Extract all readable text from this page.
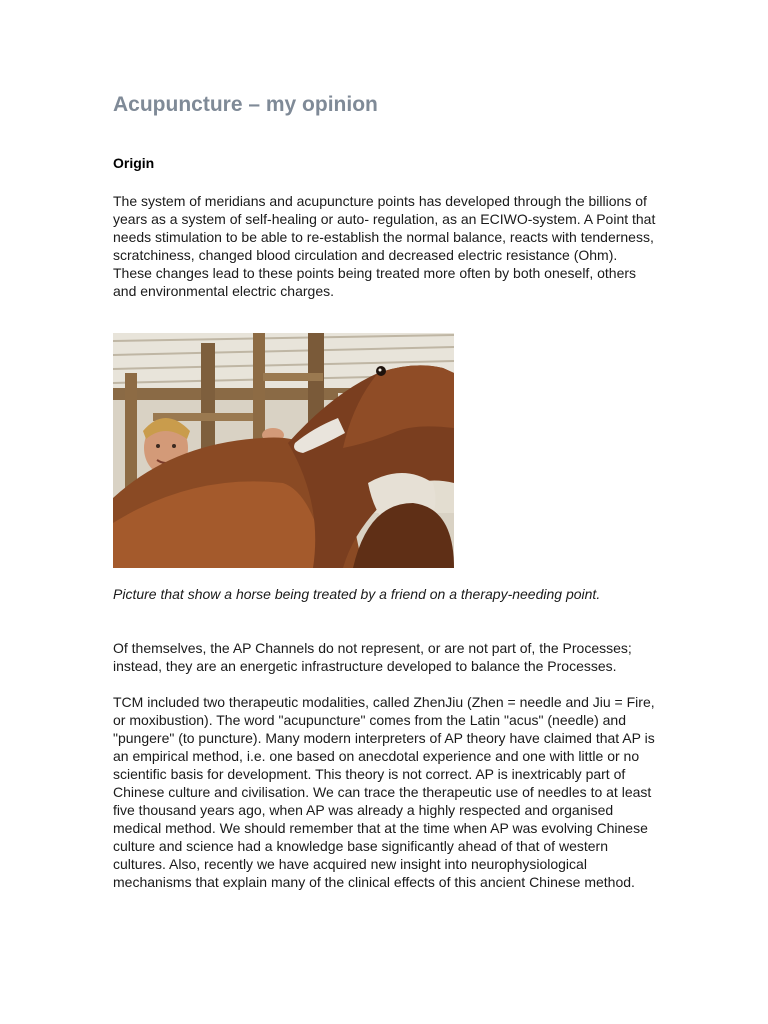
Acupuncture – my opinion
Origin

The system of meridians and acupuncture points has developed through the billions of years as a system of self-healing or auto- regulation, as an ECIWO-system. A Point that needs stimulation to be able to re-establish the normal balance, reacts with tenderness, scratchiness, changed blood circulation and decreased electric resistance (Ohm). These changes lead to these points being treated more often by both oneself, others and environmental electric charges.

Picture that show a horse being treated by a friend on a therapy-needing point.

Of themselves, the AP Channels do not represent, or are not part of, the Processes; instead, they are an energetic infrastructure developed to balance the Processes.

TCM included two therapeutic modalities, called ZhenJiu (Zhen = needle and Jiu = Fire, or moxibustion). The word "acupuncture" comes from the Latin "acus" (needle) and "pungere" (to puncture). Many modern interpreters of AP theory have claimed that AP is an empirical method, i.e. one based on anecdotal experience and one with little or no scientific basis for development. This theory is not correct. AP is inextricably part of Chinese culture and civilisation. We can trace the therapeutic use of needles to at least five thousand years ago, when AP was already a highly respected and organised medical method. We should remember that at the time when AP was evolving Chinese culture and science had a knowledge base significantly ahead of that of western cultures. Also, recently we have acquired new insight into neurophysiological mechanisms that explain many of the clinical effects of this ancient Chinese method.
